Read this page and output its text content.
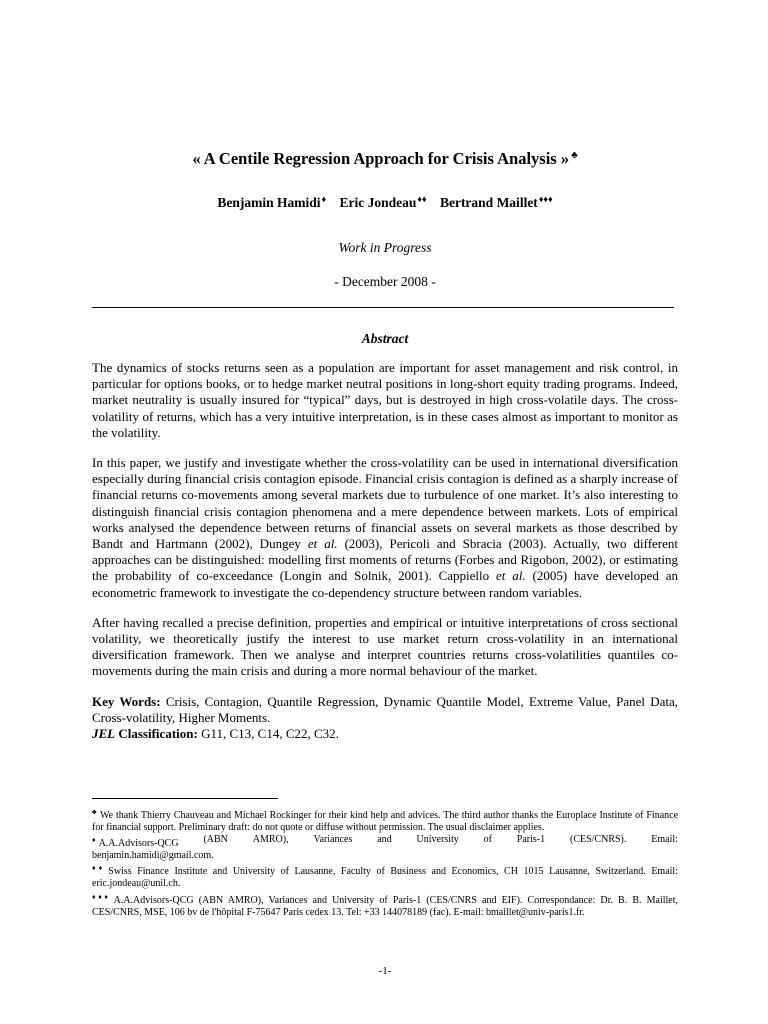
« A Centile Regression Approach for Crisis Analysis » ♣
Benjamin Hamidi♦ Eric Jondeau♦♦ Bertrand Maillet♦♦♦
Work in Progress
- December 2008 -
Abstract

The dynamics of stocks returns seen as a population are important for asset management and risk control, in particular for options books, or to hedge market neutral positions in long-short equity trading programs. Indeed, market neutrality is usually insured for “typical” days, but is destroyed in high cross-volatile days. The cross-volatility of returns, which has a very intuitive interpretation, is in these cases almost as important to monitor as the volatility.

In this paper, we justify and investigate whether the cross-volatility can be used in international diversification especially during financial crisis contagion episode. Financial crisis contagion is defined as a sharply increase of financial returns co-movements among several markets due to turbulence of one market. It’s also interesting to distinguish financial crisis contagion phenomena and a mere dependence between markets. Lots of empirical works analysed the dependence between returns of financial assets on several markets as those described by Bandt and Hartmann (2002), Dungey et al. (2003), Pericoli and Sbracia (2003). Actually, two different approaches can be distinguished: modelling first moments of returns (Forbes and Rigobon, 2002), or estimating the probability of co-exceedance (Longin and Solnik, 2001). Cappiello et al. (2005) have developed an econometric framework to investigate the co-dependency structure between random variables.

After having recalled a precise definition, properties and empirical or intuitive interpretations of cross sectional volatility, we theoretically justify the interest to use market return cross-volatility in an international diversification framework. Then we analyse and interpret countries returns cross-volatilities quantiles co-movements during the main crisis and during a more normal behaviour of the market.

Key Words: Crisis, Contagion, Quantile Regression, Dynamic Quantile Model, Extreme Value, Panel Data, Cross-volatility, Higher Moments.

JEL Classification: G11, C13, C14, C22, C32.

♣ We thank Thierry Chauveau and Michael Rockinger for their kind help and advices. The third author thanks the Europlace Institute of Finance for financial support. Preliminary draft: do not quote or diffuse without permission. The usual disclaimer applies.

♦ A.A.Advisors-QCG (ABN AMRO), Variances and University of Paris-1 (CES/CNRS). Email:

benjamin.hamidi@gmail.com.

♦♦ Swiss Finance Institute and University of Lausanne, Faculty of Business and Economics, CH 1015 Lausanne, Switzerland. Email: eric.jondeau@unil.ch.

♦♦♦ A.A.Advisors-QCG (ABN AMRO), Variances and University of Paris-1 (CES/CNRS and EIF). Correspondance: Dr. B. B. Maillet, CES/CNRS, MSE, 106 bv de l'hôpital F-75647 Paris cedex 13. Tel: +33 144078189 (fac). E-mail: bmaillet@univ-paris1.fr.

-1-
